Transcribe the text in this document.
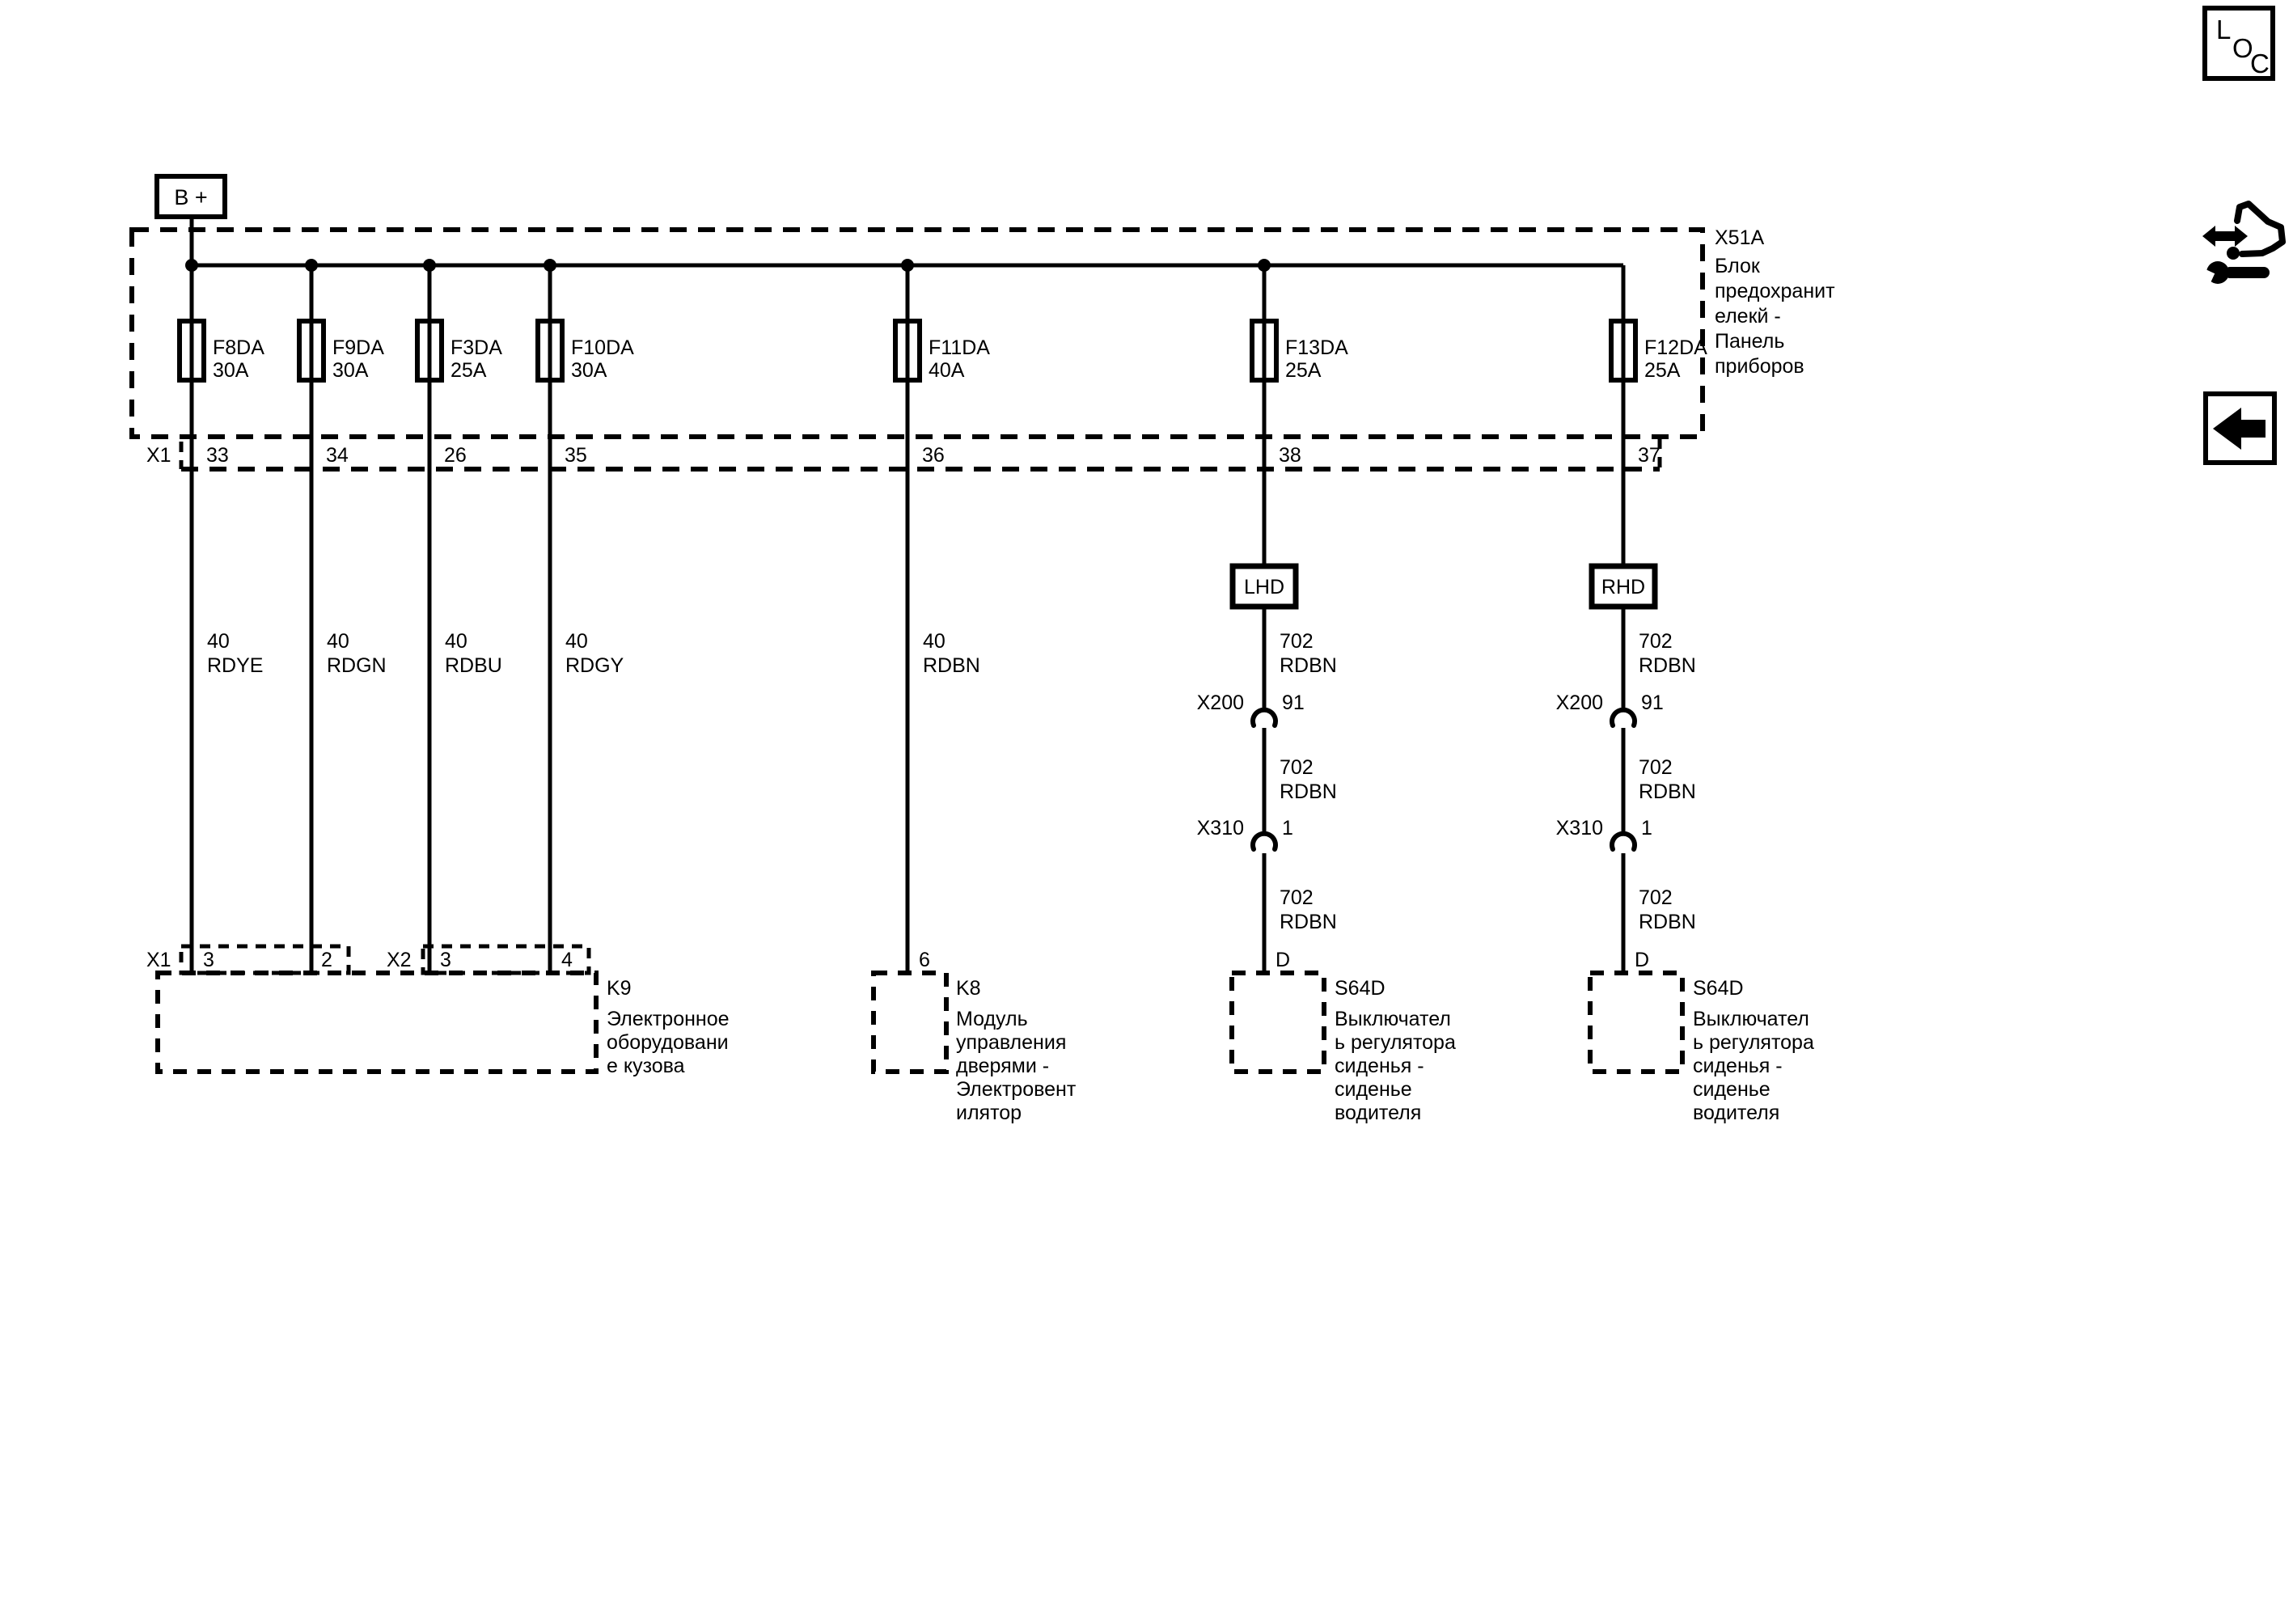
B +
F8DA
30A
F9DA
30A
F3DA
25A
F10DA
30A
F11DA
40A
F13DA
25A
F12DA
25A
X1 33	34	26	35	36	38	37
X51A
Блок
предохранит
елекй -
Панель
приборов
40
RDYE
40
RDGN
40
RDBU
40
RDGY
40
RDBN
702
RDBN
702
RDBN
LHD	RHD
X200 91
702
RDBN
X310 1
702
RDBN
X200 91
702
RDBN
X310 1
702
RDBN
X1 3	2	X2 3	4
K9
Электронное
оборудовани
е кузова
6
K8
Модуль
управления
дверями -
Электровент
илятор
D
S64D
Выключател
ь регулятора
сиденья -
сиденье
водителя
D
S64D
Выключател
ь регулятора
сиденья -
сиденье
водителя
L
O
C
